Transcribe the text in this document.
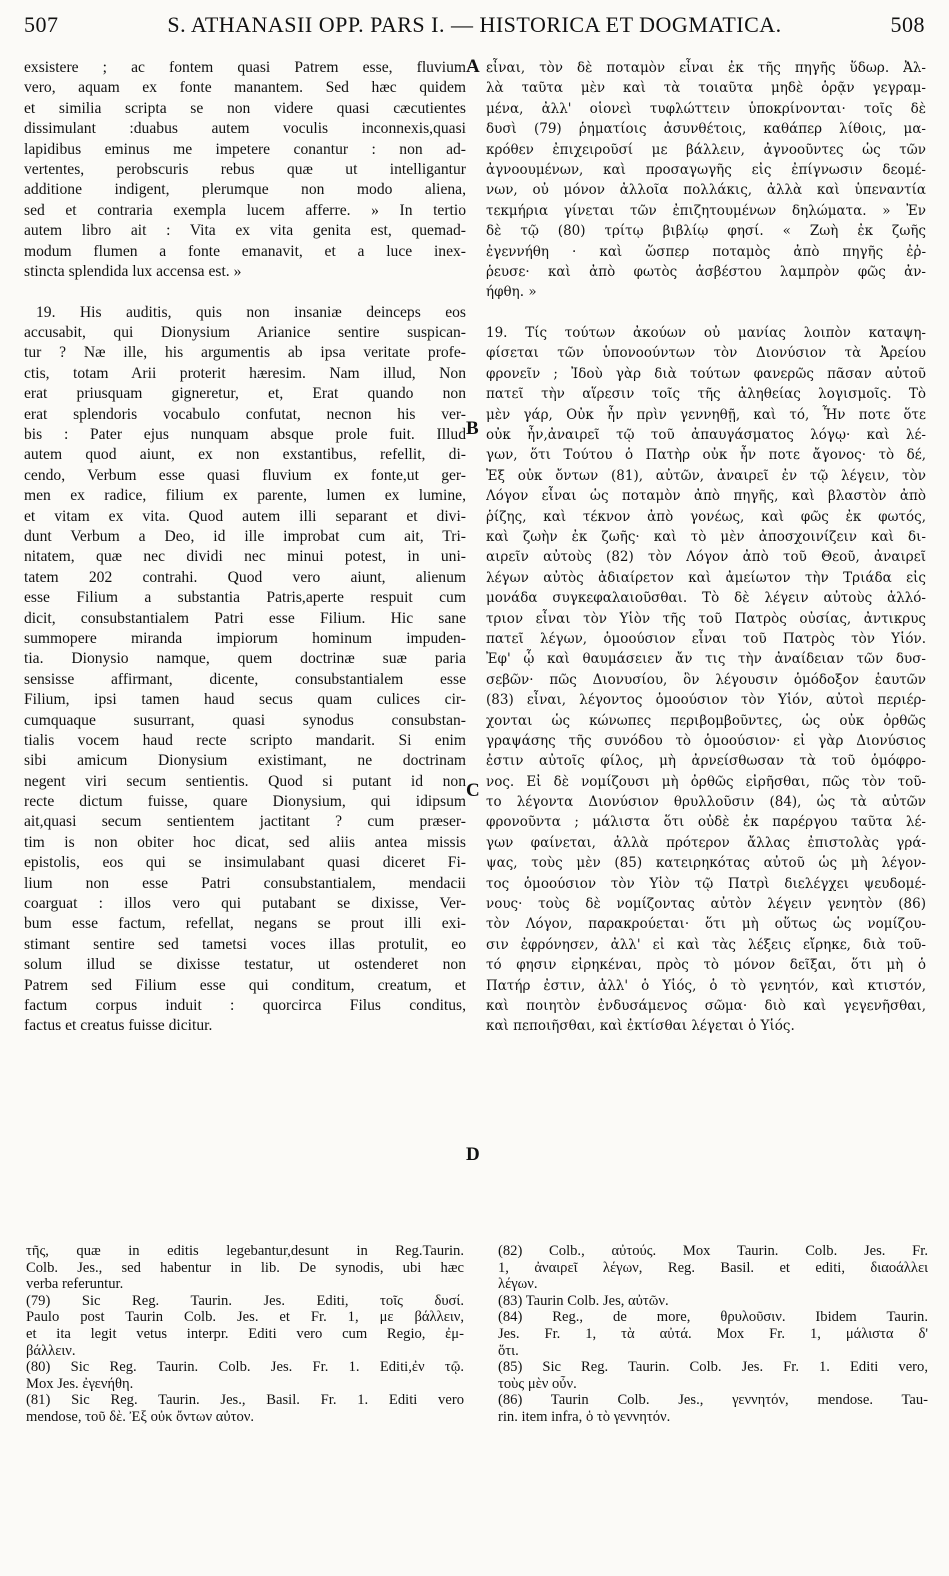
507	S. ATHANASII OPP. PARS I. — HISTORICA ET DOGMATICA.	508
exsistere ; ac fontem quasi Patrem esse, fluvium
vero, aquam ex fonte manantem. Sed hæc quidem
et similia scripta se non videre quasi cæcutientes
dissimulant :duabus autem voculis inconnexis,quasi
lapidibus eminus me impetere conantur : non ad-
vertentes, perobscuris rebus quæ ut intelligantur
additione indigent, plerumque non modo aliena,
sed et contraria exempla lucem afferre. » In tertio
autem libro ait : Vita ex vita genita est, quemad-
modum flumen a fonte emanavit, et a luce inex-
stincta splendida lux accensa est. »
19. His auditis, quis non insaniæ deinceps eos
accusabit, qui Dionysium Arianice sentire suspican-
tur ? Næ ille, his argumentis ab ipsa veritate profe-
ctis, totam Arii proterit hæresim. Nam illud, Non
erat priusquam gigneretur, et, Erat quando non
erat splendoris vocabulo confutat, necnon his ver-
bis : Pater ejus nunquam absque prole fuit. Illud
autem quod aiunt, ex non exstantibus, refellit, di-
cendo, Verbum esse quasi fluvium ex fonte,ut ger-
men ex radice, filium ex parente, lumen ex lumine,
et vitam ex vita. Quod autem illi separant et divi-
dunt Verbum a Deo, id ille improbat cum ait, Tri-
nitatem, quæ nec dividi nec minui potest, in uni-
tatem 202 contrahi. Quod vero aiunt, alienum
esse Filium a substantia Patris,aperte respuit cum
dicit, consubstantialem Patri esse Filium. Hic sane
summopere miranda impiorum hominum impuden-
tia. Dionysio namque, quem doctrinæ suæ paria
sensisse affirmant, dicente, consubstantialem esse
Filium, ipsi tamen haud secus quam culices cir-
cumquaque susurrant, quasi synodus consubstan-
tialis vocem haud recte scripto mandarit. Si enim
sibi amicum Dionysium existimant, ne doctrinam
negent viri secum sentientis. Quod si putant id non
recte dictum fuisse, quare Dionysium, qui idipsum
ait,quasi secum sentientem jactitant ? cum præser-
tim is non obiter hoc dicat, sed aliis antea missis
epistolis, eos qui se insimulabant quasi diceret Fi-
lium non esse Patri consubstantialem, mendacii
coarguat : illos vero qui putabant se dixisse, Ver-
bum esse factum, refellat, negans se prout illi exi-
stimant sentire sed tametsi voces illas protulit, eo
solum illud se dixisse testatur, ut ostenderet non
Patrem sed Filium esse qui conditum, creatum, et
factum corpus induit : quorcirca Filus conditus,
factus et creatus fuisse dicitur.
εἶναι, τὸν δὲ ποταμὸν εἶναι ἐκ τῆς πηγῆς ὕδωρ. Ἀλ-
λὰ ταῦτα μὲν καὶ τὰ τοιαῦτα μηδὲ ὁρᾷν γεγραμ-
μένα, ἀλλ' οἱονεὶ τυφλώττειν ὑποκρίνονται· τοῖς δὲ
δυσὶ (79) ῥηματίοις ἀσυνθέτοις, καθάπερ λίθοις, μα-
κρόθεν ἐπιχειροῦσί με βάλλειν, ἀγνοοῦντες ὡς τῶν
ἀγνοουμένων, καὶ προσαγωγῆς εἰς ἐπίγνωσιν δεομέ-
νων, οὐ μόνον ἀλλοῖα πολλάκις, ἀλλὰ καὶ ὑπεναντία
τεκμήρια γίνεται τῶν ἐπιζητουμένων δηλώματα. » Ἐν
δὲ τῷ (80) τρίτῳ βιβλίῳ φησί. « Ζωὴ ἐκ ζωῆς
ἐγεννήθη · καὶ ὥσπερ ποταμὸς ἀπὸ πηγῆς ἐῤ-
ῥευσε· καὶ ἀπὸ φωτὸς ἀσβέστου λαμπρὸν φῶς ἀν-
ήφθη. »
19. Τίς τούτων ἀκούων οὐ μανίας λοιπὸν καταψη-
φίσεται τῶν ὑπονοούντων τὸν Διονύσιον τὰ Ἀρείου
φρονεῖν ; Ἰδοὺ γὰρ διὰ τούτων φανερῶς πᾶσαν αὐτοῦ
πατεῖ τὴν αἵρεσιν τοῖς τῆς ἀληθείας λογισμοῖς. Τὸ
μὲν γάρ, Οὐκ ἦν πρὶν γεννηθῇ, καὶ τό, Ἦν ποτε ὅτε
οὐκ ἦν,ἀναιρεῖ τῷ τοῦ ἀπαυγάσματος λόγῳ· καὶ λέ-
γων, ὅτι Τούτου ὁ Πατὴρ οὐκ ἦν ποτε ἄγονος· τὸ δέ,
Ἐξ οὐκ ὄντων (81), αὐτῶν, ἀναιρεῖ ἐν τῷ λέγειν, τὸν
Λόγον εἶναι ὡς ποταμὸν ἀπὸ πηγῆς, καὶ βλαστὸν ἀπὸ
ῥίζης, καὶ τέκνον ἀπὸ γονέως, καὶ φῶς ἐκ φωτός,
καὶ ζωὴν ἐκ ζωῆς· καὶ τὸ μὲν ἀποσχοινίζειν καὶ δι-
αιρεῖν αὐτοὺς (82) τὸν Λόγον ἀπὸ τοῦ Θεοῦ, ἀναιρεῖ
λέγων αὐτὸς ἀδιαίρετον καὶ ἀμείωτον τὴν Τριάδα εἰς
μονάδα συγκεφαλαιοῦσθαι. Τὸ δὲ λέγειν αὐτοὺς ἀλλό-
τριον εἶναι τὸν Υἱὸν τῆς τοῦ Πατρὸς οὐσίας, ἀντικρυς
πατεῖ λέγων, ὁμοούσιον εἶναι τοῦ Πατρὸς τὸν Υἱόν.
Ἐφ' ᾧ καὶ θαυμάσειεν ἄν τις τὴν ἀναίδειαν τῶν δυσ-
σεβῶν· πῶς Διονυσίου, ὃν λέγουσιν ὁμόδοξον ἑαυτῶν
(83) εἶναι, λέγοντος ὁμοούσιον τὸν Υἱόν, αὐτοὶ περιέρ-
χονται ὡς κώνωπες περιβομβοῦντες, ὡς οὐκ ὀρθῶς
γραψάσης τῆς συνόδου τὸ ὁμοούσιον· εἰ γὰρ Διονύσιος
ἐστιν αὐτοῖς φίλος, μὴ ἀρνείσθωσαν τὰ τοῦ ὁμόφρο-
νος. Εἰ δὲ νομίζουσι μὴ ὀρθῶς εἰρῆσθαι, πῶς τὸν τοῦ-
το λέγοντα Διονύσιον θρυλλοῦσιν (84), ὡς τὰ αὐτῶν
φρονοῦντα ; μάλιστα ὅτι οὐδὲ ἐκ παρέργου ταῦτα λέ-
γων φαίνεται, ἀλλὰ πρότερον ἄλλας ἐπιστολὰς γρά-
ψας, τοὺς μὲν (85) κατειρηκότας αὐτοῦ ὡς μὴ λέγον-
τος ὁμοούσιον τὸν Υἱὸν τῷ Πατρὶ διελέγχει ψευδομέ-
νους· τοὺς δὲ νομίζοντας αὐτὸν λέγειν γενητὸν (86)
τὸν Λόγον, παρακρούεται· ὅτι μὴ οὕτως ὡς νομίζου-
σιν ἐφρόνησεν, ἀλλ' εἰ καὶ τὰς λέξεις εἴρηκε, διὰ τοῦ-
τό φησιν εἰρηκέναι, πρὸς τὸ μόνον δεῖξαι, ὅτι μὴ ὁ
Πατήρ ἐστιν, ἀλλ' ὁ Υἱός, ὁ τὸ γενητόν, καὶ κτιστόν,
καὶ ποιητὸν ἐνδυσάμενος σῶμα· διὸ καὶ γεγενῆσθαι,
καὶ πεποιῆσθαι, καὶ ἐκτίσθαι λέγεται ὁ Υἱός.
A
B
C
D
τῆς, quæ in editis legebantur,desunt in Reg.Taurin.
Colb. Jes., sed habentur in lib. De synodis, ubi hæc
verba referuntur.
(79) Sic Reg. Taurin. Jes. Editi, τοῖς δυσί.
Paulo post Taurin Colb. Jes. et Fr. 1, με βάλλειν,
et ita legit vetus interpr. Editi vero cum Regio, ἐμ-
βάλλειν.
(80) Sic Reg. Taurin. Colb. Jes. Fr. 1. Editi,ἐν τῷ.
Mox Jes. ἐγενήθη.
(81) Sic Reg. Taurin. Jes., Basil. Fr. 1. Editi vero
mendose, τοῦ δὲ. Ἐξ οὐκ ὄντων αὐτον.
(82) Colb., αὐτούς. Mox Taurin. Colb. Jes. Fr.
1, ἀναιρεῖ λέγων, Reg. Basil. et editi, διαοάλλει
λέγων.
(83) Taurin Colb. Jes, αὐτῶν.
(84) Reg., de more, θρυλοῦσιν. Ibidem Taurin.
Jes. Fr. 1, τὰ αὐτά. Mox Fr. 1, μάλιστα δ'
ὅτι.
(85) Sic Reg. Taurin. Colb. Jes. Fr. 1. Editi vero,
τοὺς μὲν οὖν.
(86) Taurin Colb. Jes., γεννητόν, mendose. Tau-
rin. item infra, ὁ τὸ γεννητόν.
